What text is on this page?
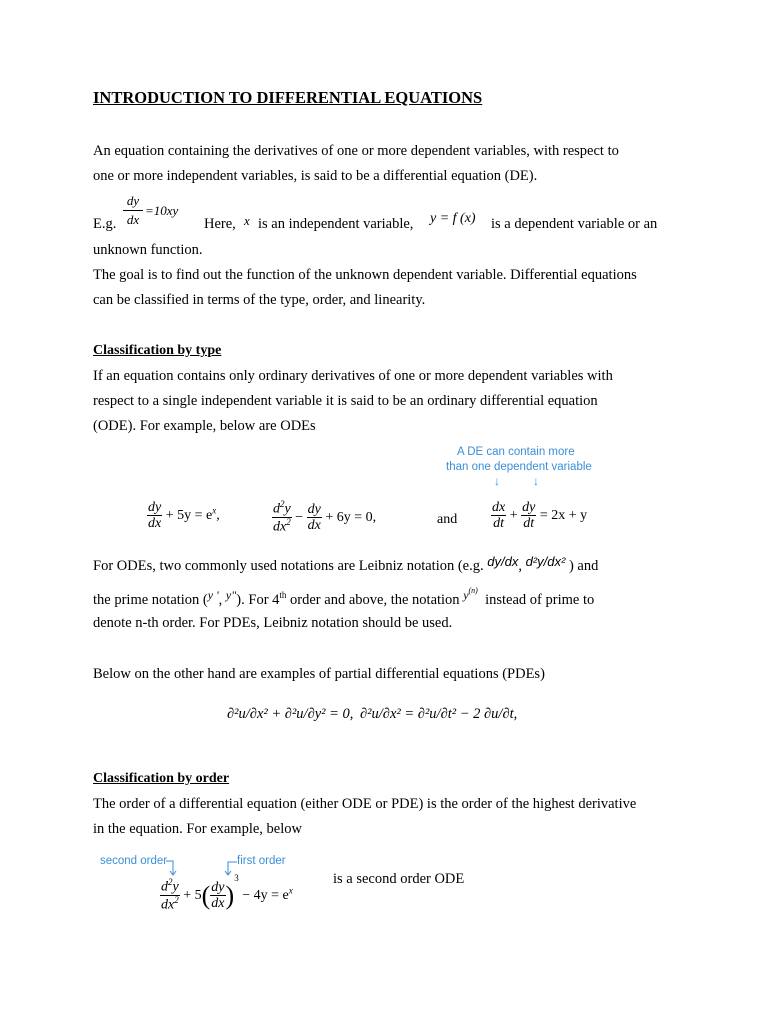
INTRODUCTION TO DIFFERENTIAL EQUATIONS
An equation containing the derivatives of one or more dependent variables, with respect to
one or more independent variables, is said to be a differential equation (DE).
E.g.
dy
dx
=10xy
Here, x is an independent variable, y = f (x) is a dependent variable or an
unknown function.
The goal is to find out the function of the unknown dependent variable. Differential equations
can be classified in terms of the type, order, and linearity.
Classification by type
If an equation contains only ordinary derivatives of one or more dependent variables with
respect to a single independent variable it is said to be an ordinary differential equation
(ODE). For example, below are ODEs
A DE can contain more
than one dependent variable
↓	↓
$\frac{dy}{dx} + 5y = e^x$,	$\frac{d^2y}{dx^2} - \frac{dy}{dx} + 6y = 0$,	and $\frac{dx}{dt} + \frac{dy}{dt} = 2x + y$
For ODEs, two commonly used notations are Leibniz notation (e.g. dy/dx, d²y/dx² ) and
the prime notation ($^{y '}$, $^{y"}$). For 4th order and above, the notation $^{y(n)}$  instead of prime to
denote n-th order. For PDEs, Leibniz notation should be used.
Below on the other hand are examples of partial differential equations (PDEs)
∂²u/∂x² + ∂²u/∂y² = 0, ∂²u/∂x² = ∂²u/∂t² − 2 ∂u/∂t,
Classification by order
The order of a differential equation (either ODE or PDE) is the order of the highest derivative
in the equation. For example, below
second order	first order
$\frac{d^2y}{dx^2} + 5( \frac{dy}{dx} )^3 - 4y = e^x$
is a second order ODE
